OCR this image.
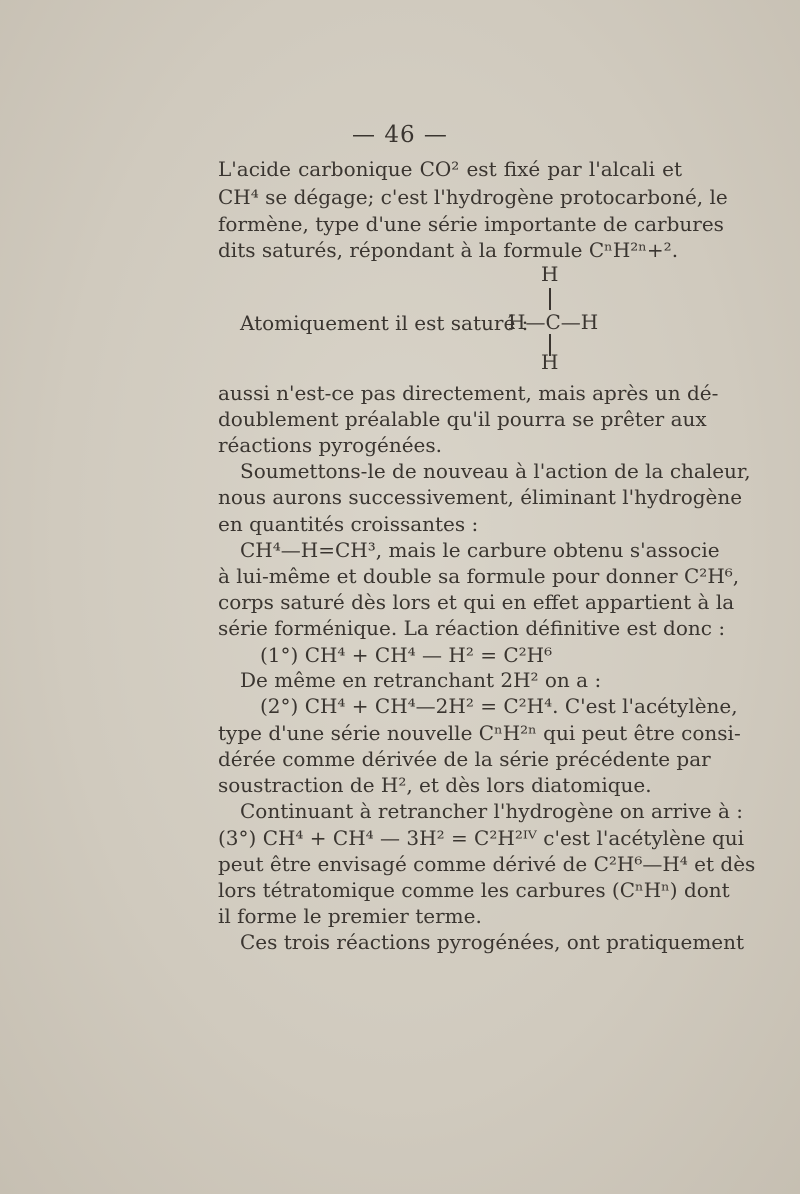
— 46 —
L'acide carbonique CO² est fixé par l'alcali et
CH⁴ se dégage; c'est l'hydrogène protocarboné, le
formène, type d'une série importante de carbures
dits saturés, répondant à la formule CⁿH²ⁿ+².
H
Atomiquement il est saturé :
H—C—H
H
aussi n'est-ce pas directement, mais après un dé-
doublement préalable qu'il pourra se prêter aux
réactions pyrogénées.
Soumettons-le de nouveau à l'action de la chaleur,
nous aurons successivement, éliminant l'hydrogène
en quantités croissantes :
CH⁴—H=CH³, mais le carbure obtenu s'associe
à lui-même et double sa formule pour donner C²H⁶,
corps saturé dès lors et qui en effet appartient à la
série forménique. La réaction définitive est donc :
(1°) CH⁴ + CH⁴ — H² = C²H⁶
De même en retranchant 2H² on a :
(2°) CH⁴ + CH⁴—2H² = C²H⁴. C'est l'acétylène,
type d'une série nouvelle CⁿH²ⁿ qui peut être consi-
dérée comme dérivée de la série précédente par
soustraction de H², et dès lors diatomique.
Continuant à retrancher l'hydrogène on arrive à :
(3°) CH⁴ + CH⁴ — 3H² = C²H²ᴵⱽ c'est l'acétylène qui
peut être envisagé comme dérivé de C²H⁶—H⁴ et dès
lors tétratomique comme les carbures (CⁿHⁿ) dont
il forme le premier terme.
Ces trois réactions pyrogénées, ont pratiquement
